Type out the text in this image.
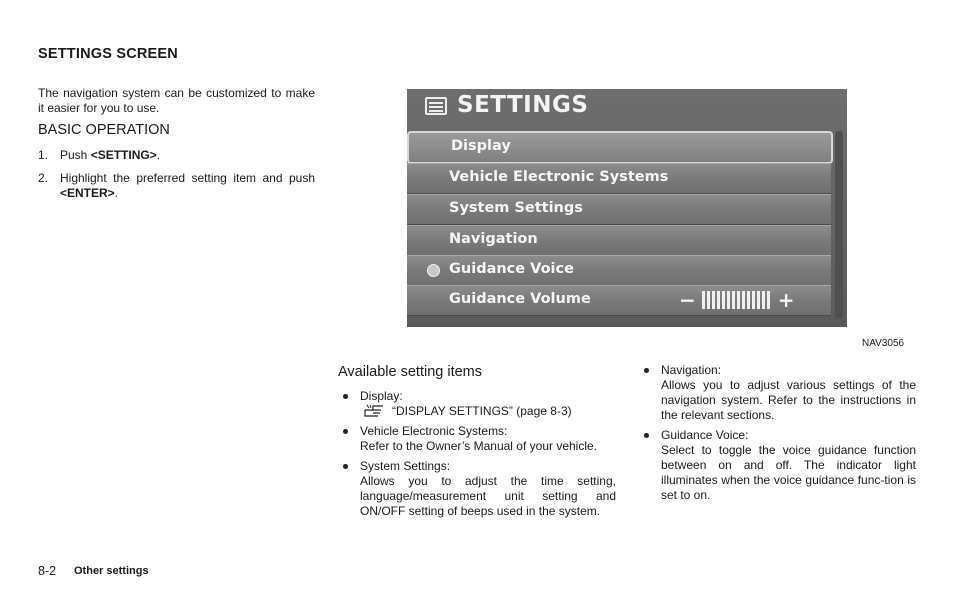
SETTINGS SCREEN
The navigation system can be customized to make it easier for you to use.
BASIC OPERATION
1. Push <SETTING>.
2. Highlight the preferred setting item and push <ENTER>.
SETTINGS
Display
Vehicle Electronic Systems
System Settings
Navigation
Guidance Voice
Guidance Volume	−	+
NAV3056
Available setting items
Display:
“DISPLAY SETTINGS” (page 8-3)
Vehicle Electronic Systems:
Refer to the Owner’s Manual of your vehicle.
System Settings:
Allows you to adjust the time setting, language/measurement unit setting and ON/OFF setting of beeps used in the system.
Navigation:
Allows you to adjust various settings of the navigation system. Refer to the instructions in the relevant sections.
Guidance Voice:
Select to toggle the voice guidance function between on and off. The indicator light illuminates when the voice guidance func-tion is set to on.
8-2 Other settings
